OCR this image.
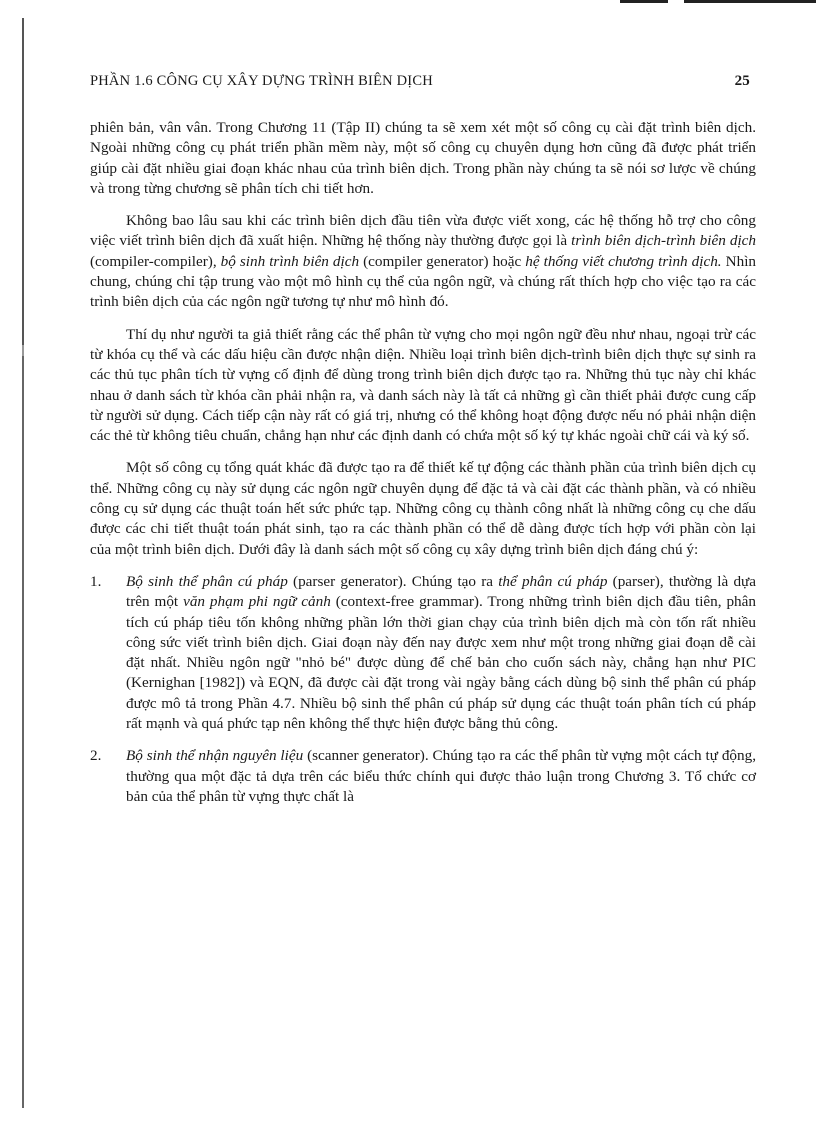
PHẦN 1.6 CÔNG CỤ XÂY DỰNG TRÌNH BIÊN DỊCH	25

phiên bản, vân vân. Trong Chương 11 (Tập II) chúng ta sẽ xem xét một số công cụ cài đặt trình biên dịch. Ngoài những công cụ phát triển phần mềm này, một số công cụ chuyên dụng hơn cũng đã được phát triển giúp cài đặt nhiều giai đoạn khác nhau của trình biên dịch. Trong phần này chúng ta sẽ nói sơ lược về chúng và trong từng chương sẽ phân tích chi tiết hơn.

Không bao lâu sau khi các trình biên dịch đầu tiên vừa được viết xong, các hệ thống hỗ trợ cho công việc viết trình biên dịch đã xuất hiện. Những hệ thống này thường được gọi là trình biên dịch-trình biên dịch (compiler-compiler), bộ sinh trình biên dịch (compiler generator) hoặc hệ thống viết chương trình dịch. Nhìn chung, chúng chỉ tập trung vào một mô hình cụ thể của ngôn ngữ, và chúng rất thích hợp cho việc tạo ra các trình biên dịch của các ngôn ngữ tương tự như mô hình đó.

Thí dụ như người ta giả thiết rằng các thể phân từ vựng cho mọi ngôn ngữ đều như nhau, ngoại trừ các từ khóa cụ thể và các dấu hiệu cần được nhận diện. Nhiều loại trình biên dịch-trình biên dịch thực sự sinh ra các thủ tục phân tích từ vựng cố định để dùng trong trình biên dịch được tạo ra. Những thủ tục này chỉ khác nhau ở danh sách từ khóa cần phải nhận ra, và danh sách này là tất cả những gì cần thiết phải được cung cấp từ người sử dụng. Cách tiếp cận này rất có giá trị, nhưng có thể không hoạt động được nếu nó phải nhận diện các thẻ từ không tiêu chuẩn, chẳng hạn như các định danh có chứa một số ký tự khác ngoài chữ cái và ký số.

Một số công cụ tổng quát khác đã được tạo ra để thiết kế tự động các thành phần của trình biên dịch cụ thể. Những công cụ này sử dụng các ngôn ngữ chuyên dụng để đặc tả và cài đặt các thành phần, và có nhiều công cụ sử dụng các thuật toán hết sức phức tạp. Những công cụ thành công nhất là những công cụ che dấu được các chi tiết thuật toán phát sinh, tạo ra các thành phần có thể dễ dàng được tích hợp với phần còn lại của một trình biên dịch. Dưới đây là danh sách một số công cụ xây dựng trình biên dịch đáng chú ý:

1.	Bộ sinh thể phân cú pháp (parser generator). Chúng tạo ra thể phân cú pháp (parser), thường là dựa trên một văn phạm phi ngữ cảnh (context-free grammar). Trong những trình biên dịch đầu tiên, phân tích cú pháp tiêu tốn không những phần lớn thời gian chạy của trình biên dịch mà còn tốn rất nhiều công sức viết trình biên dịch. Giai đoạn này đến nay được xem như một trong những giai đoạn dễ cài đặt nhất. Nhiều ngôn ngữ "nhỏ bé" được dùng để chế bản cho cuốn sách này, chẳng hạn như PIC (Kernighan [1982]) và EQN, đã được cài đặt trong vài ngày bằng cách dùng bộ sinh thể phân cú pháp được mô tả trong Phần 4.7. Nhiều bộ sinh thể phân cú pháp sử dụng các thuật toán phân tích cú pháp rất mạnh và quá phức tạp nên không thể thực hiện được bằng thủ công.
2.	Bộ sinh thể nhận nguyên liệu (scanner generator). Chúng tạo ra các thể phân từ vựng một cách tự động, thường qua một đặc tả dựa trên các biểu thức chính qui được thảo luận trong Chương 3. Tổ chức cơ bản của thể phân từ vựng thực chất là
